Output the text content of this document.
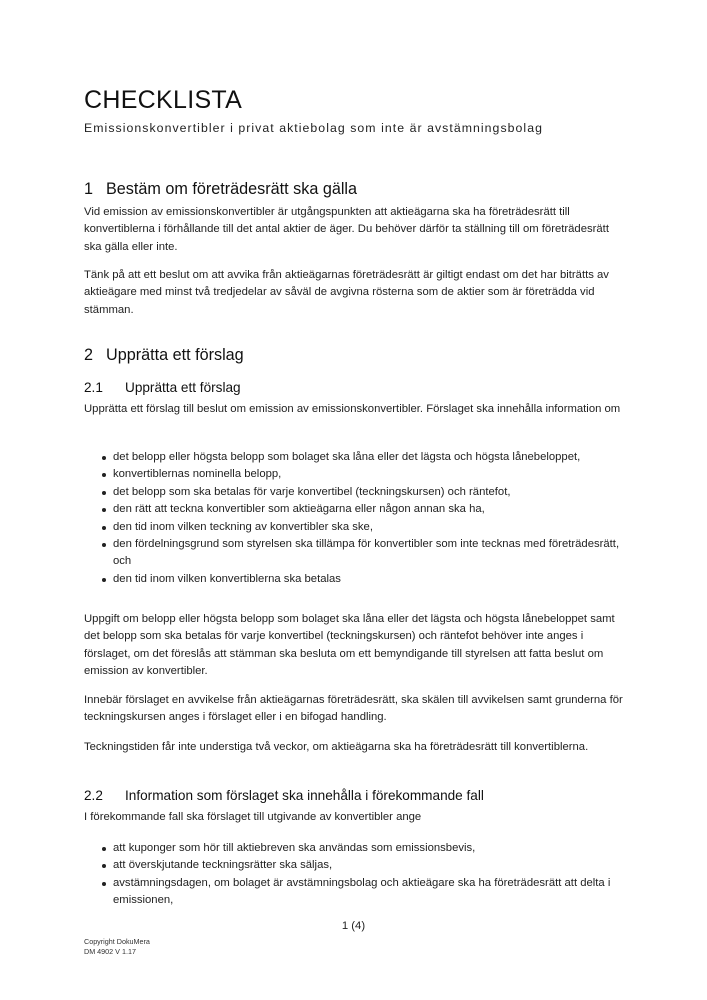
CHECKLISTA
Emissionskonvertibler i privat aktiebolag som inte är avstämningsbolag
1 Bestäm om företrädesrätt ska gälla

Vid emission av emissionskonvertibler är utgångspunkten att aktieägarna ska ha företrädesrätt till konvertiblerna i förhållande till det antal aktier de äger. Du behöver därför ta ställning till om företrädesrätt ska gälla eller inte.

Tänk på att ett beslut om att avvika från aktieägarnas företrädesrätt är giltigt endast om det har biträtts av aktieägare med minst två tredjedelar av såväl de avgivna rösterna som de aktier som är företrädda vid stämman.

2 Upprätta ett förslag
2.1 Upprätta ett förslag

Upprätta ett förslag till beslut om emission av emissionskonvertibler. Förslaget ska innehålla information om

det belopp eller högsta belopp som bolaget ska låna eller det lägsta och högsta lånebeloppet,
konvertiblernas nominella belopp,
det belopp som ska betalas för varje konvertibel (teckningskursen) och räntefot,
den rätt att teckna konvertibler som aktieägarna eller någon annan ska ha,
den tid inom vilken teckning av konvertibler ska ske,
den fördelningsgrund som styrelsen ska tillämpa för konvertibler som inte tecknas med företrädesrätt, och
den tid inom vilken konvertiblerna ska betalas

Uppgift om belopp eller högsta belopp som bolaget ska låna eller det lägsta och högsta lånebeloppet samt det belopp som ska betalas för varje konvertibel (teckningskursen) och räntefot behöver inte anges i förslaget, om det föreslås att stämman ska besluta om ett bemyndigande till styrelsen att fatta beslut om emission av konvertibler.

Innebär förslaget en avvikelse från aktieägarnas företrädesrätt, ska skälen till avvikelsen samt grunderna för teckningskursen anges i förslaget eller i en bifogad handling.

Teckningstiden får inte understiga två veckor, om aktieägarna ska ha företrädesrätt till konvertiblerna.

2.2 Information som förslaget ska innehålla i förekommande fall

I förekommande fall ska förslaget till utgivande av konvertibler ange

att kuponger som hör till aktiebreven ska användas som emissionsbevis,
att överskjutande teckningsrätter ska säljas,
avstämningsdagen, om bolaget är avstämningsbolag och aktieägare ska ha företrädesrätt att delta i emissionen,
1 (4)
Copyright DokuMera
DM 4902 V 1.17
